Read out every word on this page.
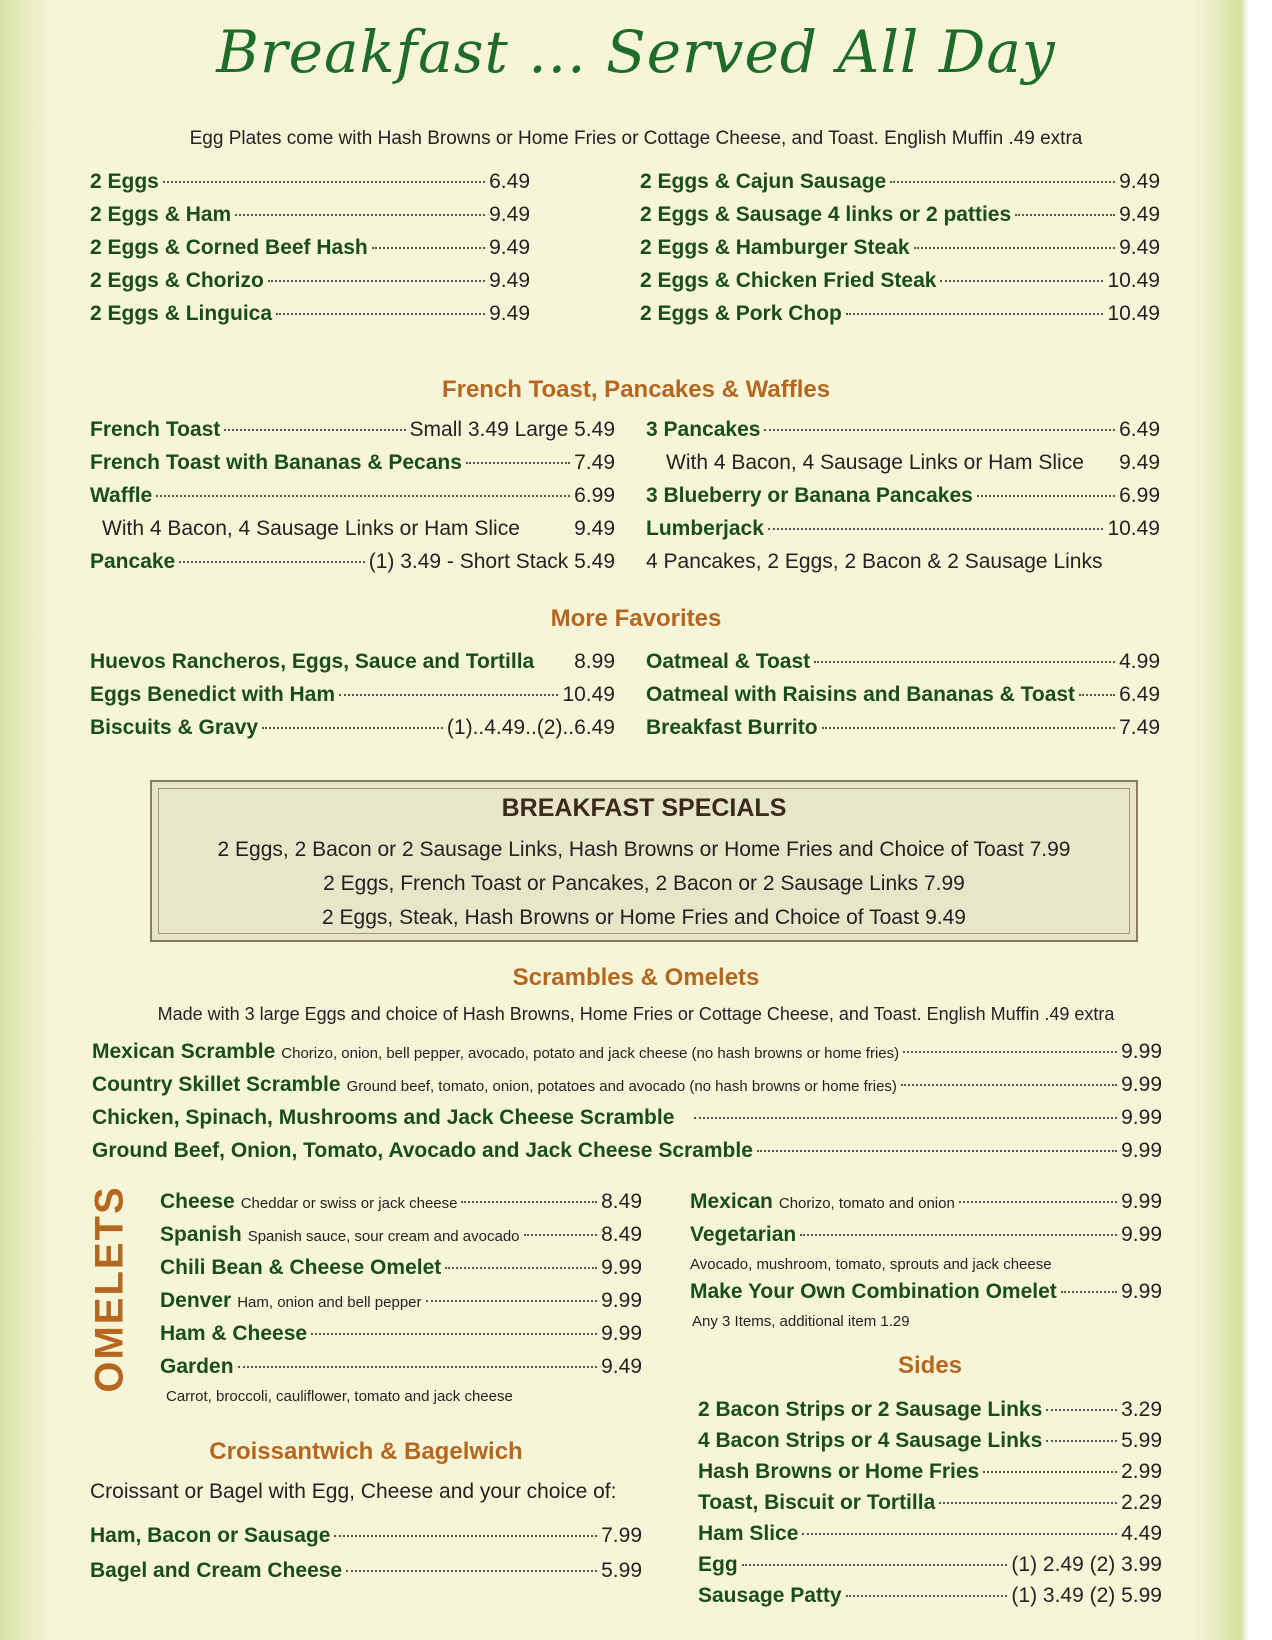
Breakfast ... Served All Day
Egg Plates come with Hash Browns or Home Fries or Cottage Cheese, and Toast. English Muffin .49 extra
2 Eggs	6.49
2 Eggs & Ham	9.49
2 Eggs & Corned Beef Hash	9.49
2 Eggs & Chorizo	9.49
2 Eggs & Linguica	9.49
2 Eggs & Cajun Sausage	9.49
2 Eggs & Sausage 4 links or 2 patties	9.49
2 Eggs & Hamburger Steak	9.49
2 Eggs & Chicken Fried Steak	10.49
2 Eggs & Pork Chop	10.49
French Toast, Pancakes & Waffles
French Toast	Small 3.49 Large 5.49
French Toast with Bananas & Pecans	7.49
Waffle	6.99
With 4 Bacon, 4 Sausage Links or Ham Slice	9.49
Pancake	(1) 3.49 - Short Stack 5.49
3 Pancakes	6.49
With 4 Bacon, 4 Sausage Links or Ham Slice 9.49
3 Blueberry or Banana Pancakes	6.99
Lumberjack	10.49
4 Pancakes, 2 Eggs, 2 Bacon & 2 Sausage Links
More Favorites
Huevos Rancheros, Eggs, Sauce and Tortilla 8.99
Eggs Benedict with Ham	10.49
Biscuits & Gravy	(1)..4.49..(2)..6.49
Oatmeal & Toast	4.99
Oatmeal with Raisins and Bananas & Toast 6.49
Breakfast Burrito	7.49
BREAKFAST SPECIALS
2 Eggs, 2 Bacon or 2 Sausage Links, Hash Browns or Home Fries and Choice of Toast 7.99
2 Eggs, French Toast or Pancakes, 2 Bacon or 2 Sausage Links 7.99
2 Eggs, Steak, Hash Browns or Home Fries and Choice of Toast 9.49
Scrambles & Omelets
Made with 3 large Eggs and choice of Hash Browns, Home Fries or Cottage Cheese, and Toast. English Muffin .49 extra
Mexican Scramble Chorizo, onion, bell pepper, avocado, potato and jack cheese (no hash browns or home fries)	9.99
Country Skillet Scramble Ground beef, tomato, onion, potatoes and avocado (no hash browns or home fries)	9.99
Chicken, Spinach, Mushrooms and Jack Cheese Scramble	9.99
Ground Beef, Onion, Tomato, Avocado and Jack Cheese Scramble	9.99
OMELETS Cheese Cheddar or swiss or jack cheese	8.49
Spanish Spanish sauce, sour cream and avocado	8.49
Chili Bean & Cheese Omelet	9.99
Denver Ham, onion and bell pepper	9.99
Ham & Cheese	9.99
Garden	9.49
Carrot, broccoli, cauliflower, tomato and jack cheese
Mexican Chorizo, tomato and onion	9.99
Vegetarian	9.99
Avocado, mushroom, tomato, sprouts and jack cheese
Make Your Own Combination Omelet	9.99
Any 3 Items, additional item 1.29
Croissantwich & Bagelwich
Croissant or Bagel with Egg, Cheese and your choice of:
Ham, Bacon or Sausage	7.99
Bagel and Cream Cheese	5.99
Sides
2 Bacon Strips or 2 Sausage Links	3.29
4 Bacon Strips or 4 Sausage Links	5.99
Hash Browns or Home Fries	2.99
Toast, Biscuit or Tortilla	2.29
Ham Slice	4.49
Egg	(1) 2.49 (2) 3.99
Sausage Patty	(1) 3.49 (2) 5.99
